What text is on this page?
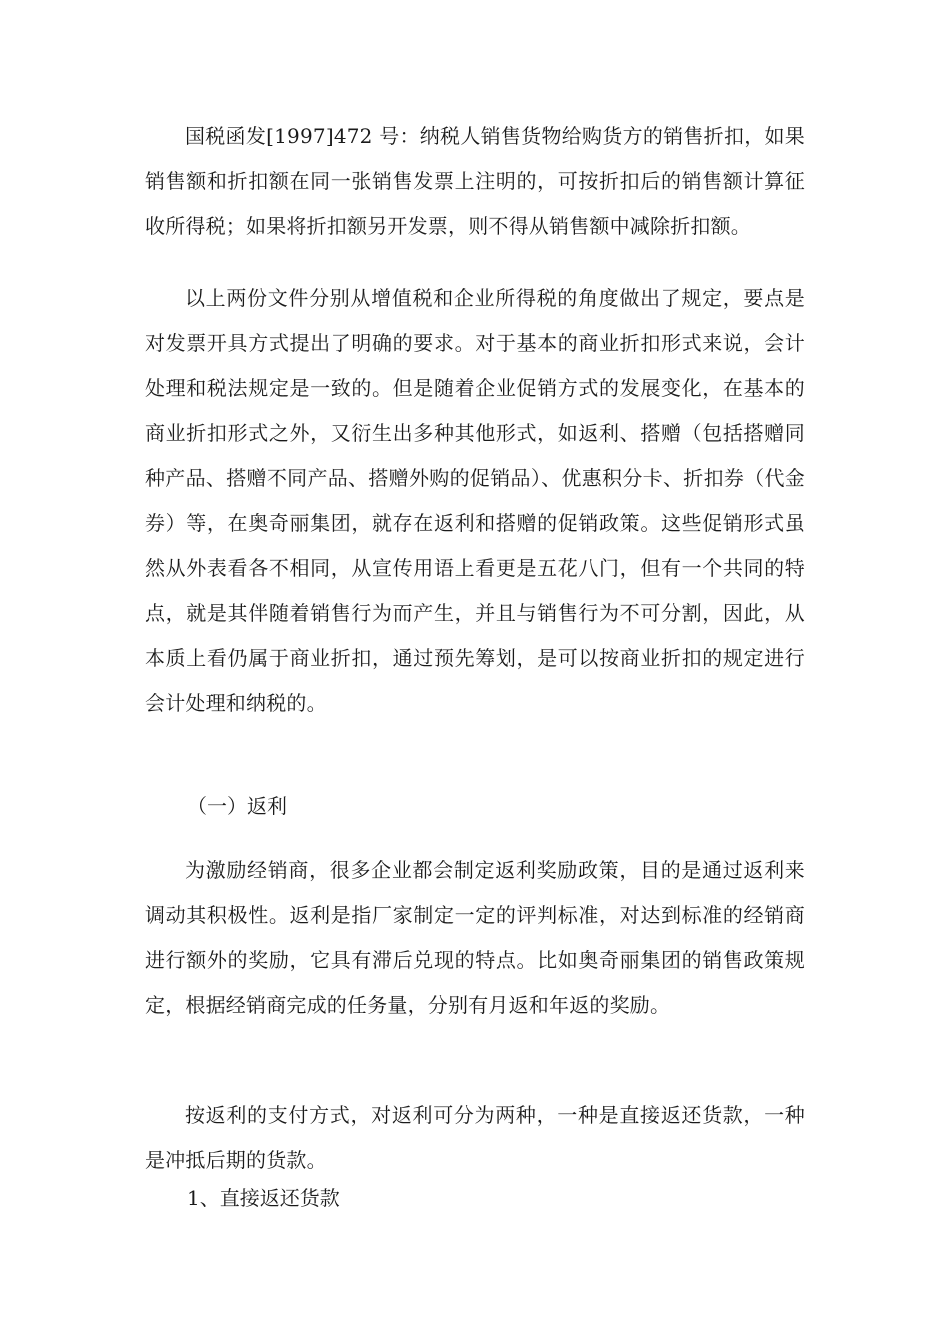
国税函发[1997]472 号：纳税人销售货物给购货方的销售折扣，如果销售额和折扣额在同一张销售发票上注明的，可按折扣后的销售额计算征收所得税；如果将折扣额另开发票，则不得从销售额中减除折扣额。

以上两份文件分别从增值税和企业所得税的角度做出了规定，要点是对发票开具方式提出了明确的要求。对于基本的商业折扣形式来说，会计处理和税法规定是一致的。但是随着企业促销方式的发展变化，在基本的商业折扣形式之外，又衍生出多种其他形式，如返利、搭赠（包括搭赠同种产品、搭赠不同产品、搭赠外购的促销品）、优惠积分卡、折扣券（代金券）等，在奥奇丽集团，就存在返利和搭赠的促销政策。这些促销形式虽然从外表看各不相同，从宣传用语上看更是五花八门，但有一个共同的特点，就是其伴随着销售行为而产生，并且与销售行为不可分割，因此，从本质上看仍属于商业折扣，通过预先筹划，是可以按商业折扣的规定进行会计处理和纳税的。

（一）返利

为激励经销商，很多企业都会制定返利奖励政策，目的是通过返利来调动其积极性。返利是指厂家制定一定的评判标准，对达到标准的经销商进行额外的奖励，它具有滞后兑现的特点。比如奥奇丽集团的销售政策规定，根据经销商完成的任务量，分别有月返和年返的奖励。

按返利的支付方式，对返利可分为两种，一种是直接返还货款，一种是冲抵后期的货款。

1、直接返还货款
